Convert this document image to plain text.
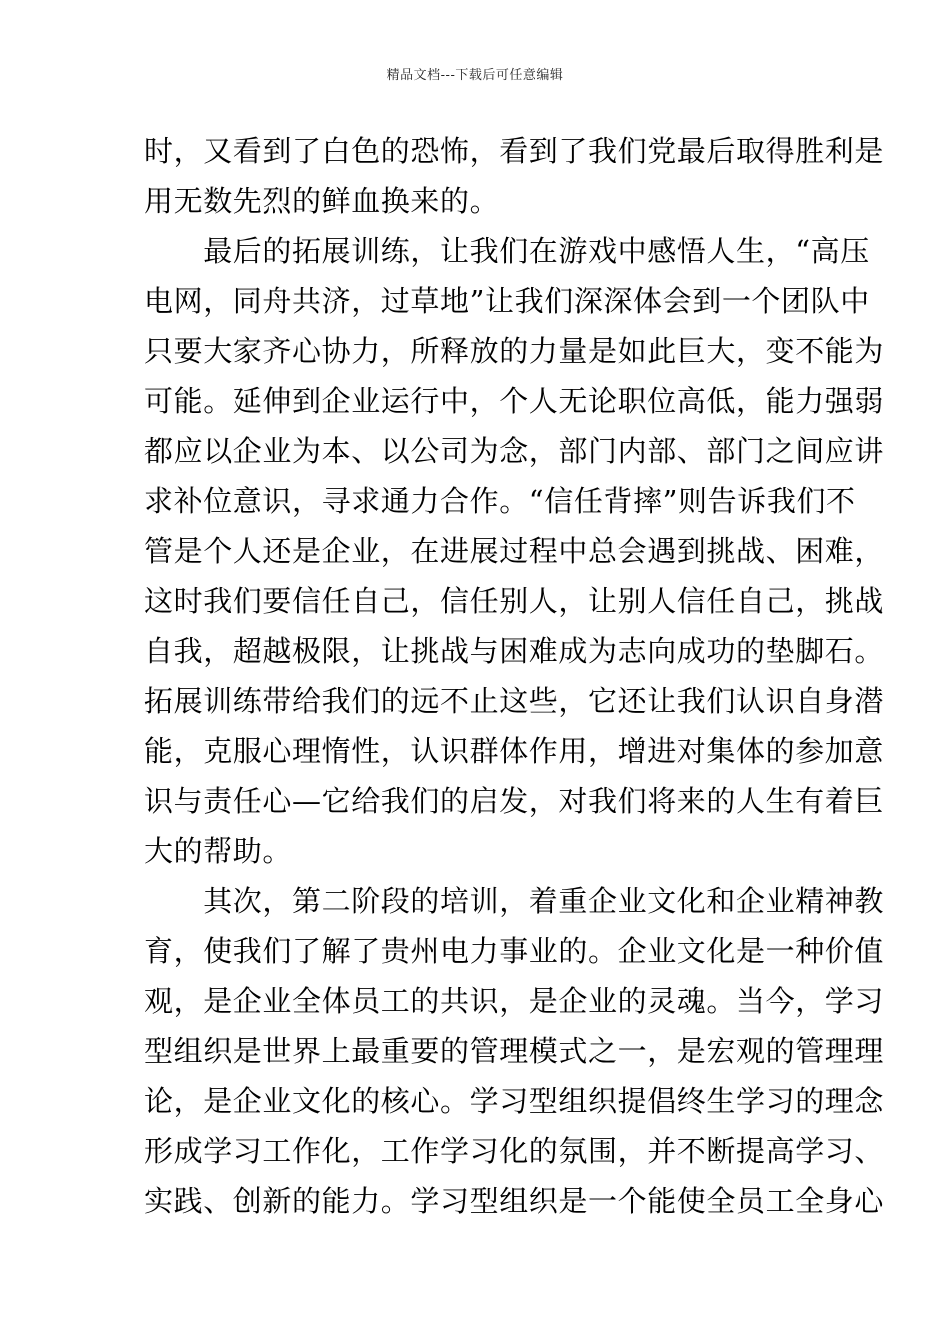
精品文档---下载后可任意编辑
时，又看到了白色的恐怖，看到了我们党最后取得胜利是
用无数先烈的鲜血换来的。
　　最后的拓展训练，让我们在游戏中感悟人生，“高压
电网，同舟共济，过草地”让我们深深体会到一个团队中
只要大家齐心协力，所释放的力量是如此巨大，变不能为
可能。延伸到企业运行中，个人无论职位高低，能力强弱
都应以企业为本、以公司为念，部门内部、部门之间应讲
求补位意识，寻求通力合作。“信任背摔”则告诉我们不
管是个人还是企业，在进展过程中总会遇到挑战、困难，
这时我们要信任自己，信任别人，让别人信任自己，挑战
自我，超越极限，让挑战与困难成为志向成功的垫脚石。
拓展训练带给我们的远不止这些，它还让我们认识自身潜
能，克服心理惰性，认识群体作用，增进对集体的参加意
识与责任心—它给我们的启发，对我们将来的人生有着巨
大的帮助。
　　其次，第二阶段的培训，着重企业文化和企业精神教
育，使我们了解了贵州电力事业的。企业文化是一种价值
观，是企业全体员工的共识，是企业的灵魂。当今，学习
型组织是世界上最重要的管理模式之一，是宏观的管理理
论，是企业文化的核心。学习型组织提倡终生学习的理念
形成学习工作化，工作学习化的氛围，并不断提高学习、
实践、创新的能力。学习型组织是一个能使全员工全身心
